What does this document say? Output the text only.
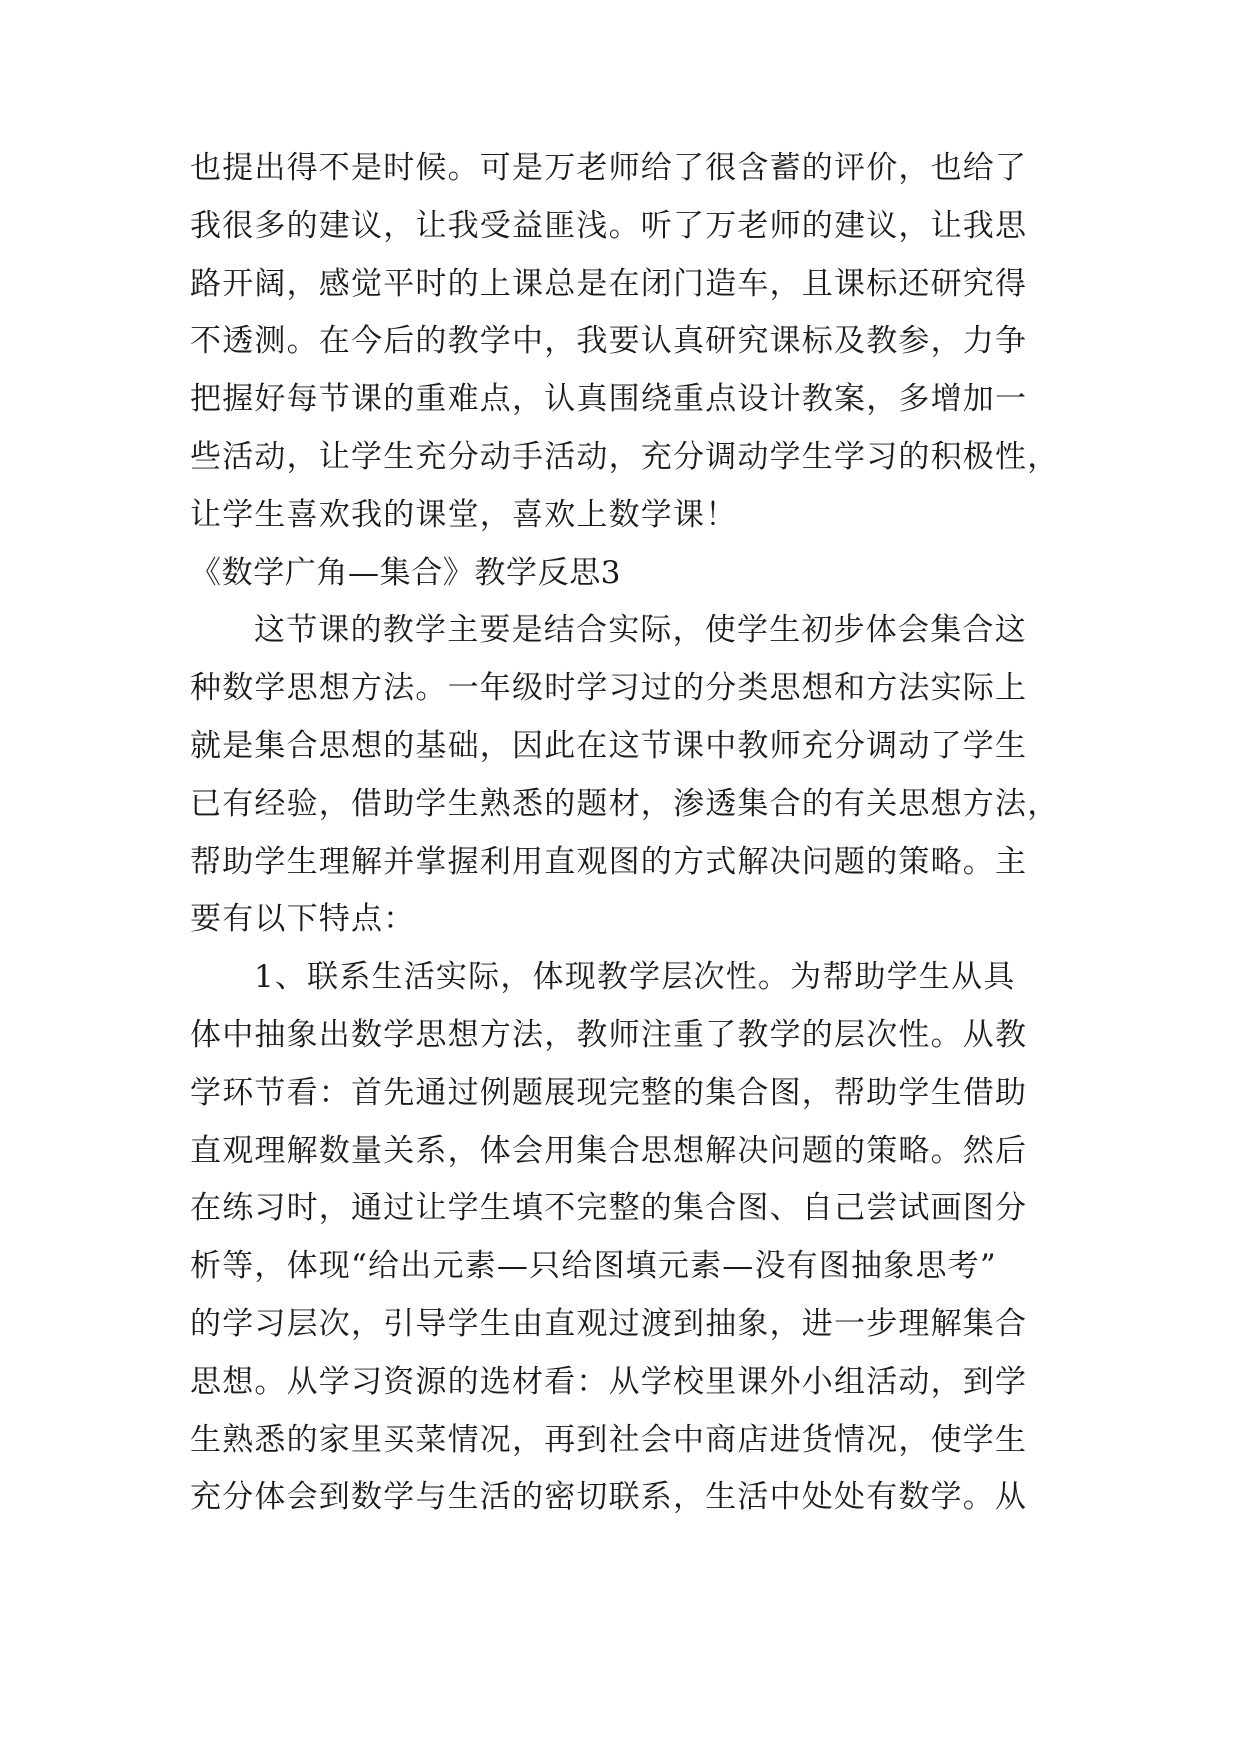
也提出得不是时候。可是万老师给了很含蓄的评价，也给了
我很多的建议，让我受益匪浅。听了万老师的建议，让我思
路开阔，感觉平时的上课总是在闭门造车，且课标还研究得
不透测。在今后的教学中，我要认真研究课标及教参，力争
把握好每节课的重难点，认真围绕重点设计教案，多增加一
些活动，让学生充分动手活动，充分调动学生学习的积极性，
让学生喜欢我的课堂，喜欢上数学课！
《数学广角—集合》教学反思3
这节课的教学主要是结合实际，使学生初步体会集合这
种数学思想方法。一年级时学习过的分类思想和方法实际上
就是集合思想的基础，因此在这节课中教师充分调动了学生
已有经验，借助学生熟悉的题材，渗透集合的有关思想方法，
帮助学生理解并掌握利用直观图的方式解决问题的策略。主
要有以下特点：
1、联系生活实际，体现教学层次性。为帮助学生从具
体中抽象出数学思想方法，教师注重了教学的层次性。从教
学环节看：首先通过例题展现完整的集合图，帮助学生借助
直观理解数量关系，体会用集合思想解决问题的策略。然后
在练习时，通过让学生填不完整的集合图、自己尝试画图分
析等，体现“给出元素—只给图填元素—没有图抽象思考”
的学习层次，引导学生由直观过渡到抽象，进一步理解集合
思想。从学习资源的选材看：从学校里课外小组活动，到学
生熟悉的家里买菜情况，再到社会中商店进货情况，使学生
充分体会到数学与生活的密切联系，生活中处处有数学。从
